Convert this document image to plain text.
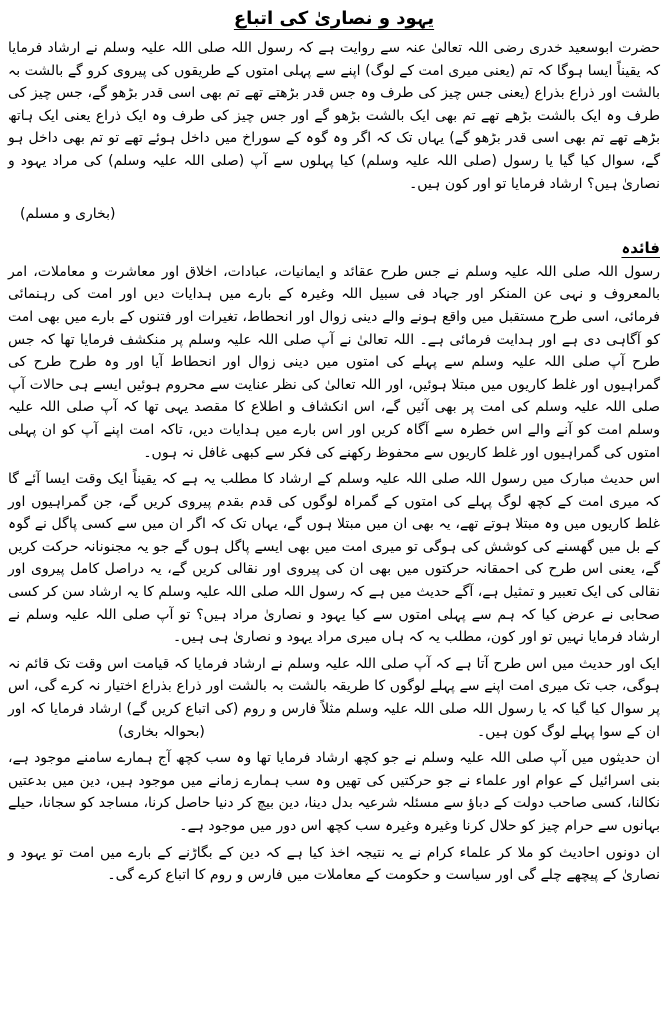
یہود و نصاریٰ کی اتباع

حضرت ابوسعید خدری رضی اللہ تعالیٰ عنہ سے روایت ہے کہ رسول اللہ صلی اللہ علیہ وسلم نے ارشاد فرمایا کہ یقیناً ایسا ہوگا کہ تم (یعنی میری امت کے لوگ) اپنے سے پہلی امتوں کے طریقوں کی پیروی کرو گے بالشت بہ بالشت اور ذراع بذراع (یعنی جس چیز کی طرف وہ جس قدر بڑھتے تھے تم بھی اسی قدر بڑھو گے، جس چیز کی طرف وہ ایک بالشت بڑھے تھے تم بھی ایک بالشت بڑھو گے اور جس چیز کی طرف وہ ایک ذراع یعنی ایک ہاتھ بڑھے تھے تم بھی اسی قدر بڑھو گے) یہاں تک کہ اگر وہ گوہ کے سوراخ میں داخل ہوئے تھے تو تم بھی داخل ہو گے، سوال کیا گیا یا رسول (صلی اللہ علیہ وسلم) کیا پہلوں سے آپ (صلی اللہ علیہ وسلم) کی مراد یہود و نصاریٰ ہیں؟ ارشاد فرمایا تو اور کون ہیں۔

(بخاری و مسلم)
فائدہ

رسول اللہ صلی اللہ علیہ وسلم نے جس طرح عقائد و ایمانیات، عبادات، اخلاق اور معاشرت و معاملات، امر بالمعروف و نہی عن المنکر اور جہاد فی سبیل اللہ وغیرہ کے بارے میں ہدایات دیں اور امت کی رہنمائی فرمائی، اسی طرح مستقبل میں واقع ہونے والے دینی زوال اور انحطاط، تغیرات اور فتنوں کے بارے میں بھی امت کو آگاہی دی ہے اور ہدایت فرمائی ہے۔ اللہ تعالیٰ نے آپ صلی اللہ علیہ وسلم پر منکشف فرمایا تھا کہ جس طرح آپ صلی اللہ علیہ وسلم سے پہلے کی امتوں میں دینی زوال اور انحطاط آیا اور وہ طرح طرح کی گمراہیوں اور غلط کاریوں میں مبتلا ہوئیں، اور اللہ تعالیٰ کی نظر عنایت سے محروم ہوئیں ایسے ہی حالات آپ صلی اللہ علیہ وسلم کی امت پر بھی آئیں گے، اس انکشاف و اطلاع کا مقصد یہی تھا کہ آپ صلی اللہ علیہ وسلم امت کو آنے والے اس خطرہ سے آگاہ کریں اور اس بارے میں ہدایات دیں، تاکہ امت اپنے آپ کو ان پہلی امتوں کی گمراہیوں اور غلط کاریوں سے محفوظ رکھنے کی فکر سے کبھی غافل نہ ہوں۔

اس حدیث مبارک میں رسول اللہ صلی اللہ علیہ وسلم کے ارشاد کا مطلب یہ ہے کہ یقیناً ایک وقت ایسا آئے گا کہ میری امت کے کچھ لوگ پہلے کی امتوں کے گمراہ لوگوں کی قدم بقدم پیروی کریں گے، جن گمراہیوں اور غلط کاریوں میں وہ مبتلا ہوتے تھے، یہ بھی ان میں مبتلا ہوں گے، یہاں تک کہ اگر ان میں سے کسی پاگل نے گوہ کے بل میں گھسنے کی کوشش کی ہوگی تو میری امت میں بھی ایسے پاگل ہوں گے جو یہ مجنونانہ حرکت کریں گے، یعنی اس طرح کی احمقانہ حرکتوں میں بھی ان کی پیروی اور نقالی کریں گے، یہ دراصل کامل پیروی اور نقالی کی ایک تعبیر و تمثیل ہے، آگے حدیث میں ہے کہ رسول اللہ صلی اللہ علیہ وسلم کا یہ ارشاد سن کر کسی صحابی نے عرض کیا کہ ہم سے پہلی امتوں سے کیا یہود و نصاریٰ مراد ہیں؟ تو آپ صلی اللہ علیہ وسلم نے ارشاد فرمایا نہیں تو اور کون، مطلب یہ کہ ہاں میری مراد یہود و نصاریٰ ہی ہیں۔

ایک اور حدیث میں اس طرح آتا ہے کہ آپ صلی اللہ علیہ وسلم نے ارشاد فرمایا کہ قیامت اس وقت تک قائم نہ ہوگی، جب تک میری امت اپنے سے پہلے لوگوں کا طریقہ بالشت بہ بالشت اور ذراع بذراع اختیار نہ کرے گی، اس پر سوال کیا گیا کہ یا رسول اللہ صلی اللہ علیہ وسلم مثلاً فارس و روم (کی اتباع کریں گے) ارشاد فرمایا کہ اور ان کے سوا پہلے لوگ کون ہیں۔
(بحوالہ بخاری)

ان حدیثوں میں آپ صلی اللہ علیہ وسلم نے جو کچھ ارشاد فرمایا تھا وہ سب کچھ آج ہمارے سامنے موجود ہے، بنی اسرائیل کے عوام اور علماء نے جو حرکتیں کی تھیں وہ سب ہمارے زمانے میں موجود ہیں، دین میں بدعتیں نکالنا، کسی صاحب دولت کے دباؤ سے مسئلہ شرعیہ بدل دینا، دین بیچ کر دنیا حاصل کرنا، مساجد کو سجانا، حیلے بہانوں سے حرام چیز کو حلال کرنا وغیرہ وغیرہ سب کچھ اس دور میں موجود ہے۔

ان دونوں احادیث کو ملا کر علماء کرام نے یہ نتیجہ اخذ کیا ہے کہ دین کے بگاڑنے کے بارے میں امت تو یہود و نصاریٰ کے پیچھے چلے گی اور سیاست و حکومت کے معاملات میں فارس و روم کا اتباع کرے گی۔
